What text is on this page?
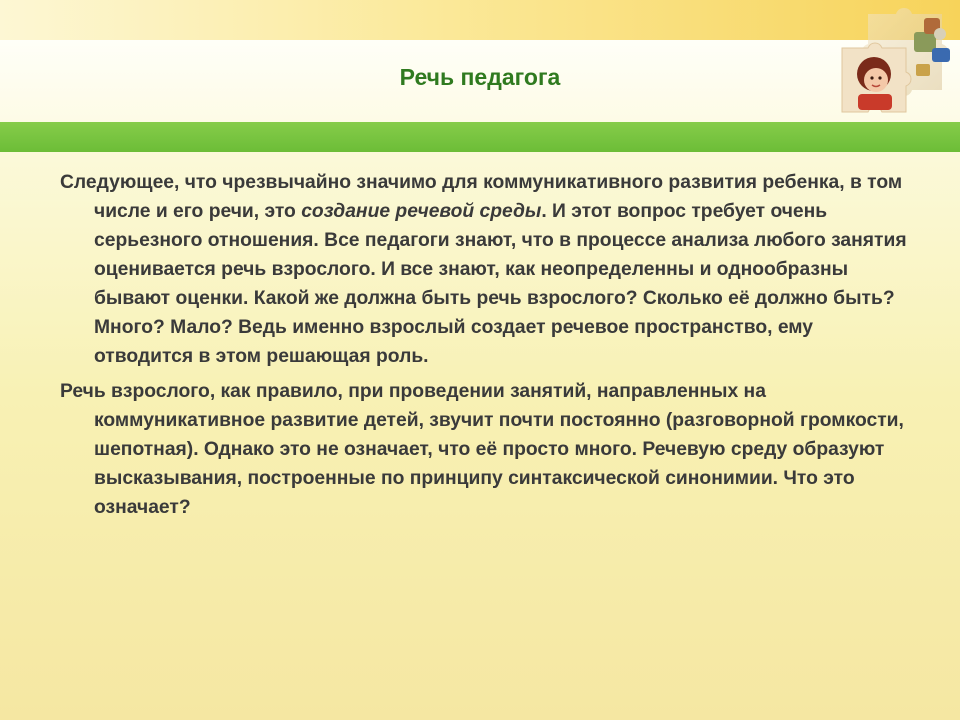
Речь педагога

Следующее, что чрезвычайно значимо для коммуникативного развития ребенка, в том числе и его речи, это создание речевой среды. И этот вопрос требует очень серьезного отношения. Все педагоги знают, что в процессе анализа любого занятия оценивается речь взрослого. И все знают, как неопределенны и однообразны бывают оценки. Какой же должна быть речь взрослого? Сколько её должно быть? Много? Мало? Ведь именно взрослый создает речевое пространство, ему отводится в этом решающая роль.

Речь взрослого, как правило, при проведении занятий, направленных на коммуникативное развитие детей, звучит почти постоянно (разговорной громкости, шепотная). Однако это не означает, что её просто много. Речевую среду образуют высказывания, построенные по принципу синтаксической синонимии. Что это означает?
